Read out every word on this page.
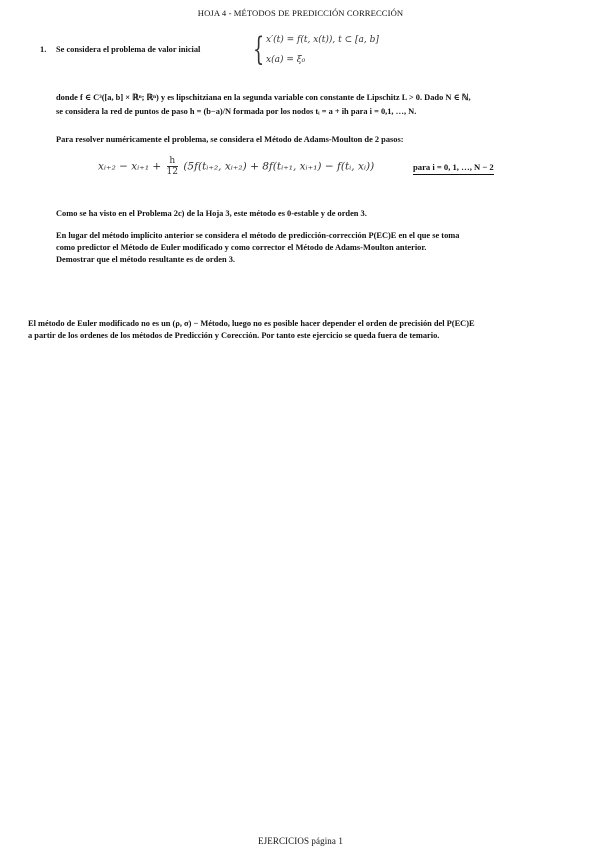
HOJA 4 - MÉTODOS DE PREDICCIÓN CORRECCIÓN
1. Se considera el problema de valor inicial { x′(t) = f(t, x(t)), t ⊂ [a, b]
x(a) = ξ₀
donde f ∈ C³([a, b] × ℝⁿ; ℝⁿ) y es lipschitziana en la segunda variable con constante de Lipschitz L > 0. Dado N ∈ ℕ,
se considera la red de puntos de paso h = (b−a)/N formada por los nodos tᵢ = a + ih para i = 0,1, …, N.
Para resolver numéricamente el problema, se considera el Método de Adams-Moulton de 2 pasos:
xᵢ₊₂ − xᵢ₊₁ + $\frac{h}{12}$ (5f(tᵢ₊₂, xᵢ₊₂) + 8f(tᵢ₊₁, xᵢ₊₁) − f(tᵢ, xᵢ))	para i = 0, 1, …, N − 2
Como se ha visto en el Problema 2c) de la Hoja 3, este método es 0-estable y de orden 3.
En lugar del método implícito anterior se considera el método de predicción-corrección P(EC)E en el que se toma
como predictor el Método de Euler modificado y como corrector el Método de Adams-Moulton anterior.
Demostrar que el método resultante es de orden 3.
El método de Euler modificado no es un (ρ, σ) − Método, luego no es posible hacer depender el orden de precisión del P(EC)E
a partir de los ordenes de los métodos de Predicción y Corección. Por tanto este ejercicio se queda fuera de temario.
EJERCICIOS página 1
